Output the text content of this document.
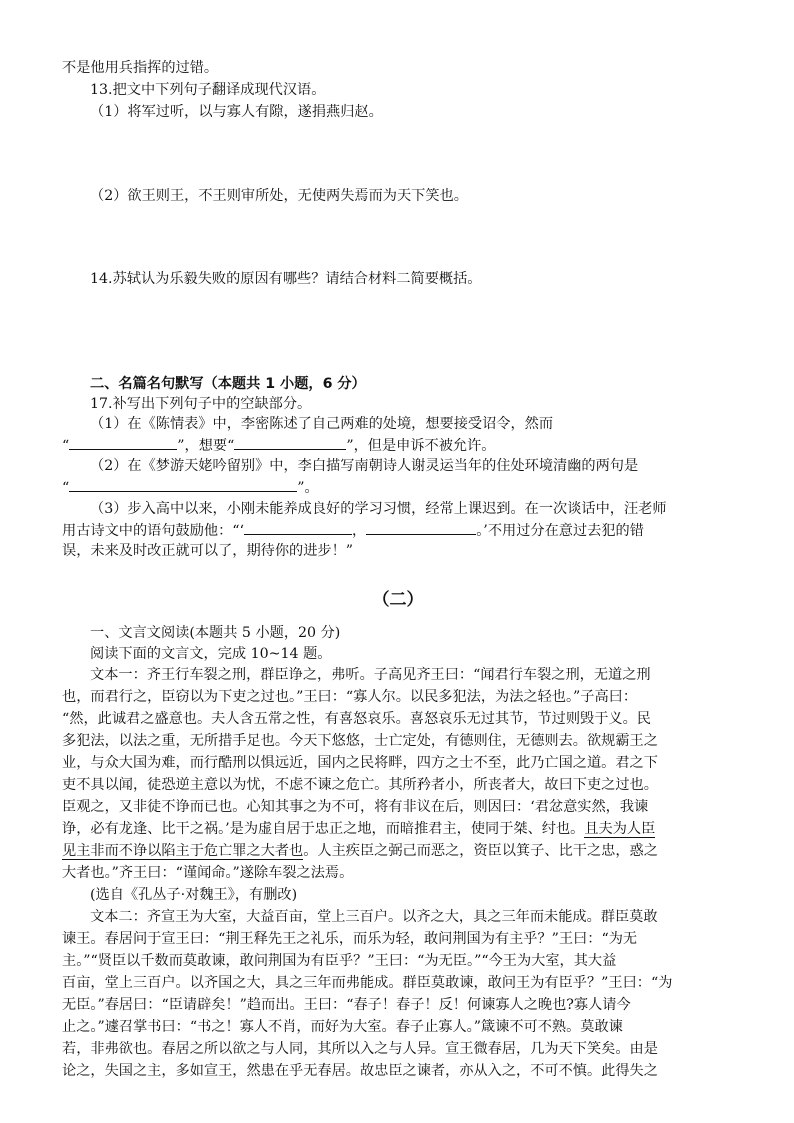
不是他用兵指挥的过错。
13.把文中下列句子翻译成现代汉语。
（1）将军过听，以与寡人有隙，遂捐燕归赵。
（2）欲王则王，不王则审所处，无使两失焉而为天下笑也。
14.苏轼认为乐毅失败的原因有哪些？请结合材料二简要概括。
二、名篇名句默写（本题共 1 小题，6 分）
17.补写出下列句子中的空缺部分。
（1）在《陈情表》中，李密陈述了自己两难的处境，想要接受诏令，然而
“	”，想要“	”，但是申诉不被允许。
（2）在《梦游天姥吟留别》中，李白描写南朝诗人谢灵运当年的住处环境清幽的两句是
“	”。
（3）步入高中以来，小刚未能养成良好的学习习惯，经常上课迟到。在一次谈话中，汪老师
用古诗文中的语句鼓励他：“‘	，	。’不用过分在意过去犯的错
误，未来及时改正就可以了，期待你的进步！”
（二）
一、文言文阅读(本题共 5 小题，20 分)
阅读下面的文言文，完成 10~14 题。
文本一：齐王行车裂之刑，群臣诤之，弗听。子高见齐王曰：“闻君行车裂之刑，无道之刑
也，而君行之，臣窃以为下吏之过也。”王曰：“寡人尔。以民多犯法，为法之轻也。”子高曰：
“然，此诚君之盛意也。夫人含五常之性，有喜怒哀乐。喜怒哀乐无过其节，节过则毁于义。民
多犯法，以法之重，无所措手足也。今天下悠悠，士亡定处，有德则住，无德则去。欲规霸王之
业，与众大国为难，而行酷刑以惧远近，国内之民将畔，四方之士不至，此乃亡国之道。君之下
吏不具以闻，徒恐逆主意以为忧，不虑不谏之危亡。其所矜者小，所丧者大，故曰下吏之过也。
臣观之，又非徒不诤而已也。心知其事之为不可，将有非议在后，则因曰：‘君忿意实然，我谏
诤，必有龙逢、比干之祸。’是为虚自居于忠正之地，而暗推君主，使同于桀、纣也。且夫为人臣
见主非而不诤以陷主于危亡罪之大者也。人主疾臣之弼己而恶之，资臣以箕子、比干之忠，惑之
大者也。”齐王曰：“谨闻命。”遂除车裂之法焉。
(选自《孔丛子·对魏王》，有删改)
文本二：齐宣王为大室，大益百亩，堂上三百户。以齐之大，具之三年而未能成。群臣莫敢
谏王。春居问于宣王曰：“荆王释先王之礼乐，而乐为轻，敢问荆国为有主乎？”王曰：“为无
主。”“贤臣以千数而莫敢谏，敢问荆国为有臣乎？”王曰：“为无臣。”“今王为大室，其大益
百亩，堂上三百户。以齐国之大，具之三年而弗能成。群臣莫敢谏，敢问王为有臣乎？”王曰：“为
无臣。”春居曰：“臣请辟矣！”趋而出。王曰：“春子！春子！反！何谏寡人之晚也?寡人请今
止之。”遽召掌书曰：“书之！寡人不肖，而好为大室。春子止寡人。”箴谏不可不熟。莫敢谏
若，非弗欲也。春居之所以欲之与人同，其所以入之与人异。宣王微春居，几为天下笑矣。由是
论之，失国之主，多如宣王，然患在乎无春居。故忠臣之谏者，亦从入之，不可不慎。此得失之
